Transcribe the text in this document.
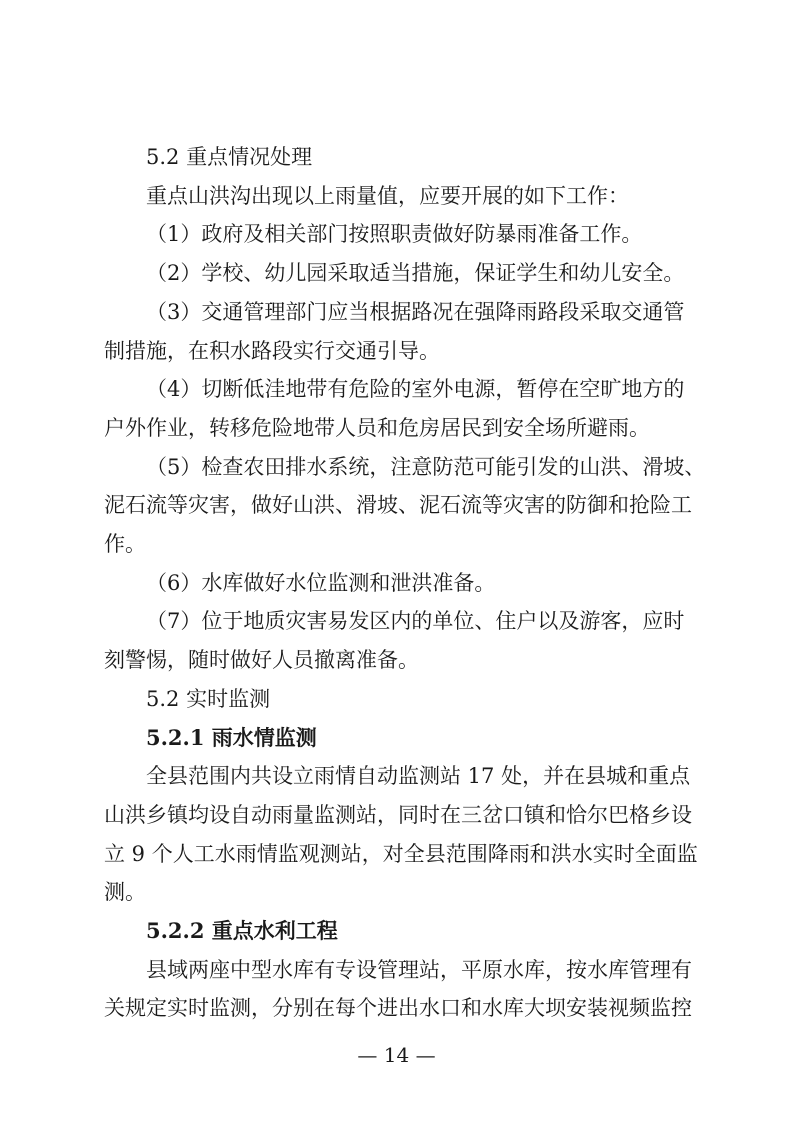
5.2 重点情况处理
重点山洪沟出现以上雨量值，应要开展的如下工作：
（1）政府及相关部门按照职责做好防暴雨准备工作。
（2）学校、幼儿园采取适当措施，保证学生和幼儿安全。
（3）交通管理部门应当根据路况在强降雨路段采取交通管
制措施，在积水路段实行交通引导。
（4）切断低洼地带有危险的室外电源，暂停在空旷地方的
户外作业，转移危险地带人员和危房居民到安全场所避雨。
（5）检查农田排水系统，注意防范可能引发的山洪、滑坡、
泥石流等灾害，做好山洪、滑坡、泥石流等灾害的防御和抢险工
作。
（6）水库做好水位监测和泄洪准备。
（7）位于地质灾害易发区内的单位、住户以及游客，应时
刻警惕，随时做好人员撤离准备。
5.2 实时监测
5.2.1 雨水情监测
全县范围内共设立雨情自动监测站 17 处，并在县城和重点
山洪乡镇均设自动雨量监测站，同时在三岔口镇和恰尔巴格乡设
立 9 个人工水雨情监观测站，对全县范围降雨和洪水实时全面监
测。
5.2.2 重点水利工程
县域两座中型水库有专设管理站，平原水库，按水库管理有
关规定实时监测，分别在每个进出水口和水库大坝安装视频监控
— 14 —
